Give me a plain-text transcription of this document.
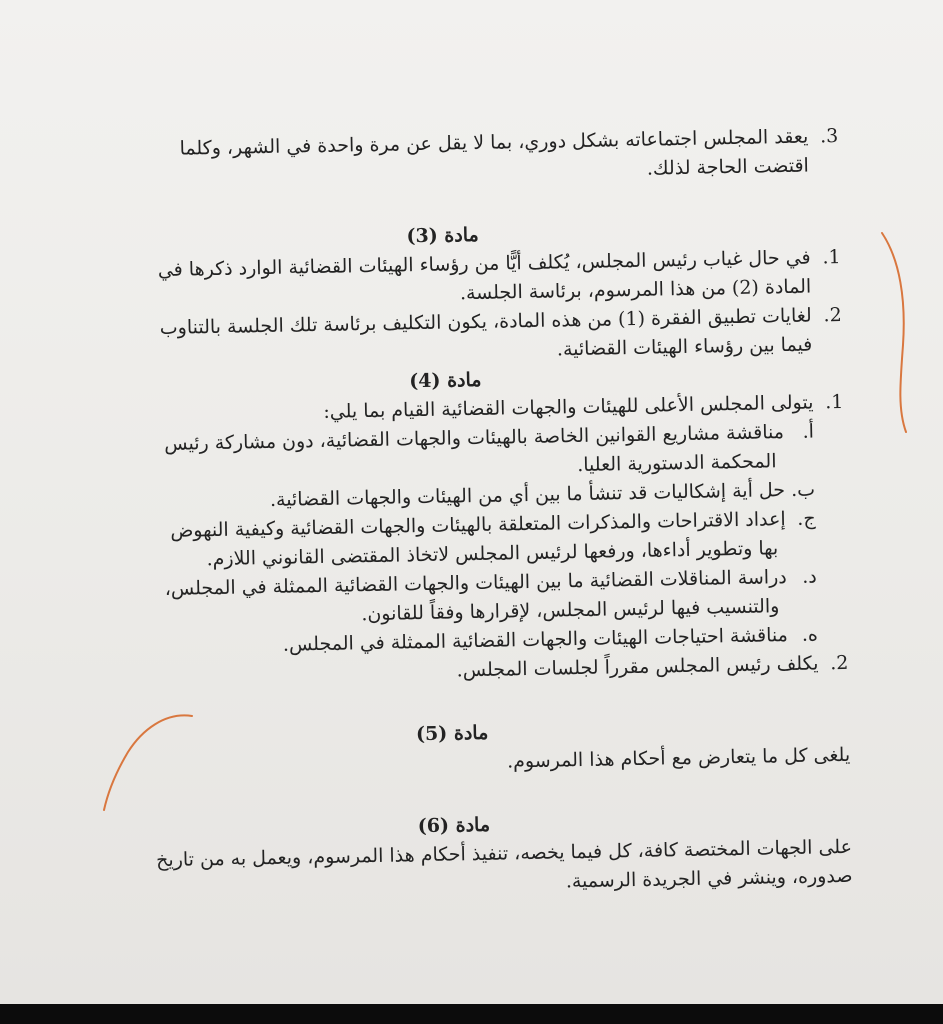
3.يعقد المجلس اجتماعاته بشكل دوري، بما لا يقل عن مرة واحدة في الشهر، وكلما
اقتضت الحاجة لذلك.
مادة (3)
1.في حال غياب رئيس المجلس، يُكلف أيًّا من رؤساء الهيئات القضائية الوارد ذكرها في
المادة (2) من هذا المرسوم، برئاسة الجلسة.
2.لغايات تطبيق الفقرة (1) من هذه المادة، يكون التكليف برئاسة تلك الجلسة بالتناوب
فيما بين رؤساء الهيئات القضائية.
مادة (4)
1.يتولى المجلس الأعلى للهيئات والجهات القضائية القيام بما يلي:
أ.مناقشة مشاريع القوانين الخاصة بالهيئات والجهات القضائية، دون مشاركة رئيس
المحكمة الدستورية العليا.
ب.حل أية إشكاليات قد تنشأ ما بين أي من الهيئات والجهات القضائية.
ج.إعداد الاقتراحات والمذكرات المتعلقة بالهيئات والجهات القضائية وكيفية النهوض
بها وتطوير أداءها، ورفعها لرئيس المجلس لاتخاذ المقتضى القانوني اللازم.
د.دراسة المناقلات القضائية ما بين الهيئات والجهات القضائية الممثلة في المجلس،
والتنسيب فيها لرئيس المجلس، لإقرارها وفقاً للقانون.
ه.مناقشة احتياجات الهيئات والجهات القضائية الممثلة في المجلس.
2.يكلف رئيس المجلس مقرراً لجلسات المجلس.
مادة (5)
يلغى كل ما يتعارض مع أحكام هذا المرسوم.
مادة (6)
على الجهات المختصة كافة، كل فيما يخصه، تنفيذ أحكام هذا المرسوم، ويعمل به من تاريخ
صدوره، وينشر في الجريدة الرسمية.
